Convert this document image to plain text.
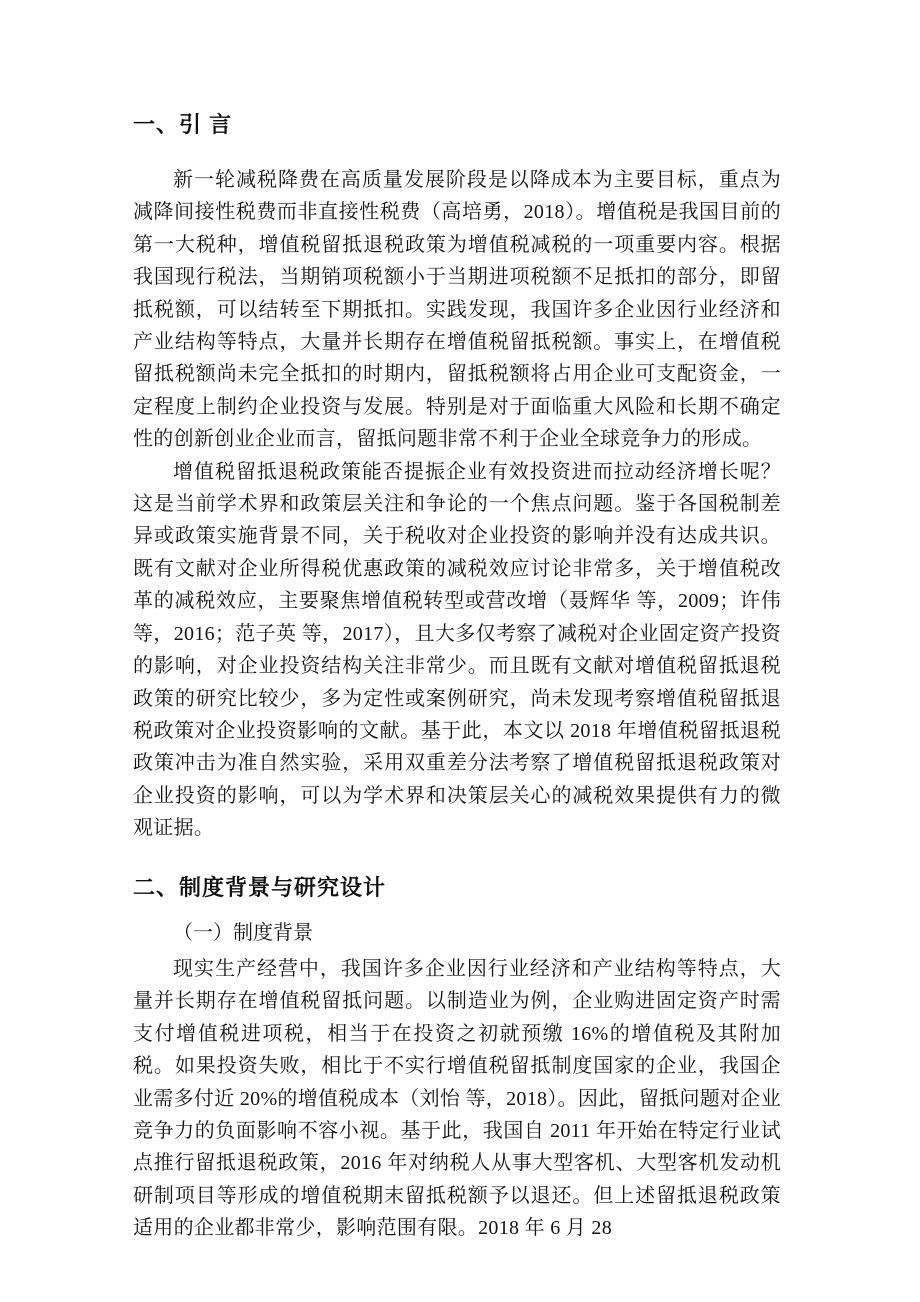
一、引 言

新一轮减税降费在高质量发展阶段是以降成本为主要目标，重点为减降间接性税费而非直接性税费（高培勇，2018）。增值税是我国目前的第一大税种，增值税留抵退税政策为增值税减税的一项重要内容。根据我国现行税法，当期销项税额小于当期进项税额不足抵扣的部分，即留抵税额，可以结转至下期抵扣。实践发现，我国许多企业因行业经济和产业结构等特点，大量并长期存在增值税留抵税额。事实上，在增值税留抵税额尚未完全抵扣的时期内，留抵税额将占用企业可支配资金，一定程度上制约企业投资与发展。特别是对于面临重大风险和长期不确定性的创新创业企业而言，留抵问题非常不利于企业全球竞争力的形成。

增值税留抵退税政策能否提振企业有效投资进而拉动经济增长呢？这是当前学术界和政策层关注和争论的一个焦点问题。鉴于各国税制差异或政策实施背景不同，关于税收对企业投资的影响并没有达成共识。既有文献对企业所得税优惠政策的减税效应讨论非常多，关于增值税改革的减税效应，主要聚焦增值税转型或营改增（聂辉华 等，2009；许伟 等，2016；范子英 等，2017），且大多仅考察了减税对企业固定资产投资的影响，对企业投资结构关注非常少。而且既有文献对增值税留抵退税政策的研究比较少，多为定性或案例研究，尚未发现考察增值税留抵退税政策对企业投资影响的文献。基于此，本文以 2018 年增值税留抵退税政策冲击为准自然实验，采用双重差分法考察了增值税留抵退税政策对企业投资的影响，可以为学术界和决策层关心的减税效果提供有力的微观证据。

二、制度背景与研究设计

（一）制度背景

现实生产经营中，我国许多企业因行业经济和产业结构等特点，大量并长期存在增值税留抵问题。以制造业为例，企业购进固定资产时需支付增值税进项税，相当于在投资之初就预缴 16%的增值税及其附加税。如果投资失败，相比于不实行增值税留抵制度国家的企业，我国企业需多付近 20%的增值税成本（刘怡 等，2018）。因此，留抵问题对企业竞争力的负面影响不容小视。基于此，我国自 2011 年开始在特定行业试点推行留抵退税政策，2016 年对纳税人从事大型客机、大型客机发动机研制项目等形成的增值税期末留抵税额予以退还。但上述留抵退税政策适用的企业都非常少，影响范围有限。2018 年 6 月 28
